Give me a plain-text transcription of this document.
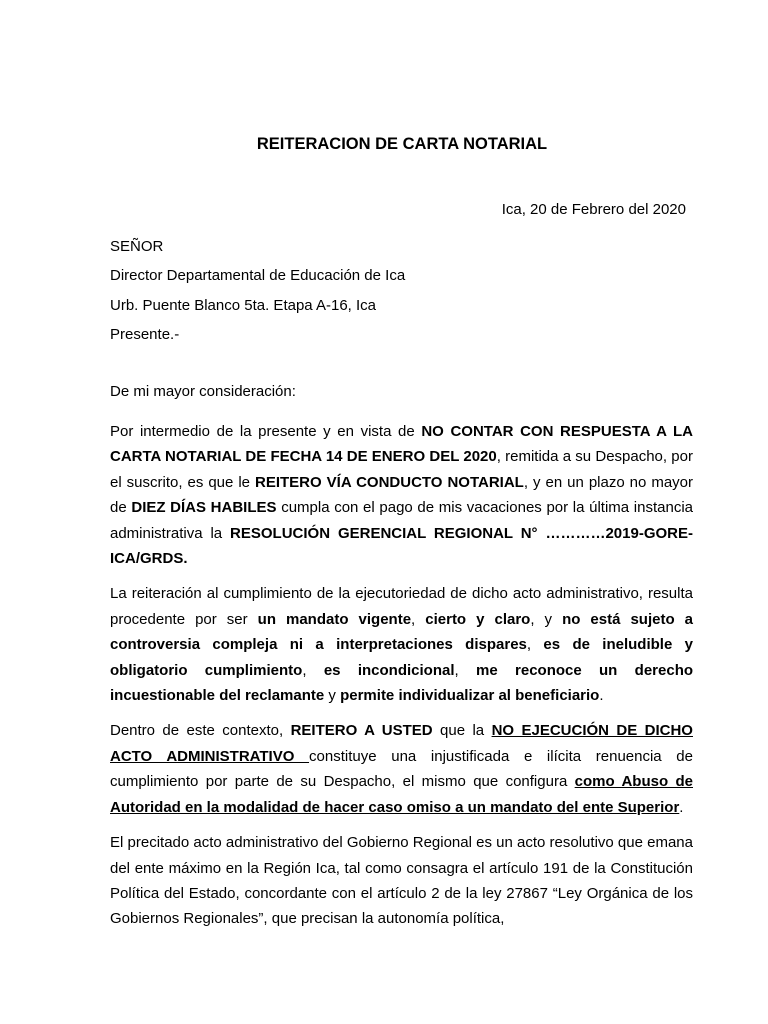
REITERACION DE CARTA NOTARIAL

Ica, 20 de Febrero del 2020

SEÑOR
Director Departamental de Educación de Ica
Urb. Puente Blanco 5ta. Etapa A-16, Ica
Presente.-

De mi mayor consideración:

Por intermedio de la presente y en vista de NO CONTAR CON RESPUESTA A LA CARTA NOTARIAL DE FECHA 14 DE ENERO DEL 2020, remitida a su Despacho, por el suscrito, es que le REITERO VÍA CONDUCTO NOTARIAL, y en un plazo no mayor de DIEZ DÍAS HABILES cumpla con el pago de mis vacaciones por la última instancia administrativa la RESOLUCIÓN GERENCIAL REGIONAL N° …………2019-GORE-ICA/GRDS.

La reiteración al cumplimiento de la ejecutoriedad de dicho acto administrativo, resulta procedente por ser un mandato vigente, cierto y claro, y no está sujeto a controversia compleja ni a interpretaciones dispares, es de ineludible y obligatorio cumplimiento, es incondicional, me reconoce un derecho incuestionable del reclamante y permite individualizar al beneficiario.

Dentro de este contexto, REITERO A USTED que la NO EJECUCIÓN DE DICHO ACTO ADMINISTRATIVO constituye una injustificada e ilícita renuencia de cumplimiento por parte de su Despacho, el mismo que configura como Abuso de Autoridad en la modalidad de hacer caso omiso a un mandato del ente Superior.

El precitado acto administrativo del Gobierno Regional es un acto resolutivo que emana del ente máximo en la Región Ica, tal como consagra el artículo 191 de la Constitución Política del Estado, concordante con el artículo 2 de la ley 27867 “Ley Orgánica de los Gobiernos Regionales”, que precisan la autonomía política,
